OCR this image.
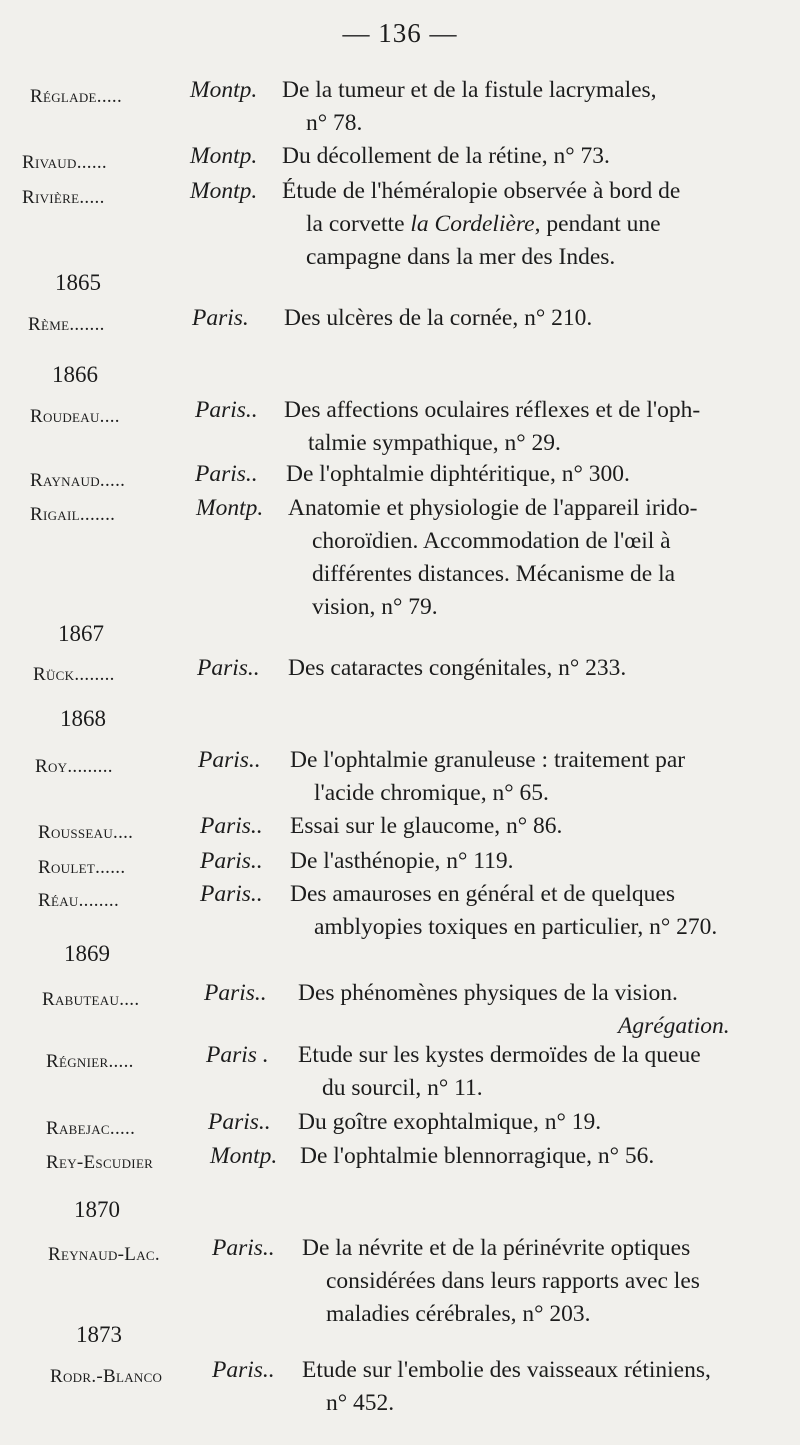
— 136 —
Réglade.....	Montp. De la tumeur et de la fistule lacrymales,
n° 78.
Rivaud......	Montp. Du décollement de la rétine, n° 73.
Rivière.....	Montp. Étude de l'héméralopie observée à bord de
la corvette la Cordelière, pendant une
campagne dans la mer des Indes.
1865
Rème.......	Paris. Des ulcères de la cornée, n° 210.
1866
Roudeau....	Paris.. Des affections oculaires réflexes et de l'oph-
talmie sympathique, n° 29.
Raynaud.....	Paris.. De l'ophtalmie diphtéritique, n° 300.
Rigail.......	Montp. Anatomie et physiologie de l'appareil irido-
choroïdien. Accommodation de l'œil à
différentes distances. Mécanisme de la
vision, n° 79.
1867
Rück........	Paris.. Des cataractes congénitales, n° 233.
1868
Roy.........	Paris.. De l'ophtalmie granuleuse : traitement par
l'acide chromique, n° 65.
Rousseau....	Paris.. Essai sur le glaucome, n° 86.
Roulet......	Paris.. De l'asthénopie, n° 119.
Réau........	Paris.. Des amauroses en général et de quelques
amblyopies toxiques en particulier, n° 270.
1869
Rabuteau....	Paris.. Des phénomènes physiques de la vision.
Agrégation.
Régnier.....	Paris . Etude sur les kystes dermoïdes de la queue
du sourcil, n° 11.
Rabejac.....	Paris.. Du goître exophtalmique, n° 19.
Rey-Escudier Montp. De l'ophtalmie blennorragique, n° 56.
1870
Reynaud-Lac. Paris.. De la névrite et de la périnévrite optiques
considérées dans leurs rapports avec les
maladies cérébrales, n° 203.
1873
Rodr.-Blanco Paris.. Etude sur l'embolie des vaisseaux rétiniens,
n° 452.
